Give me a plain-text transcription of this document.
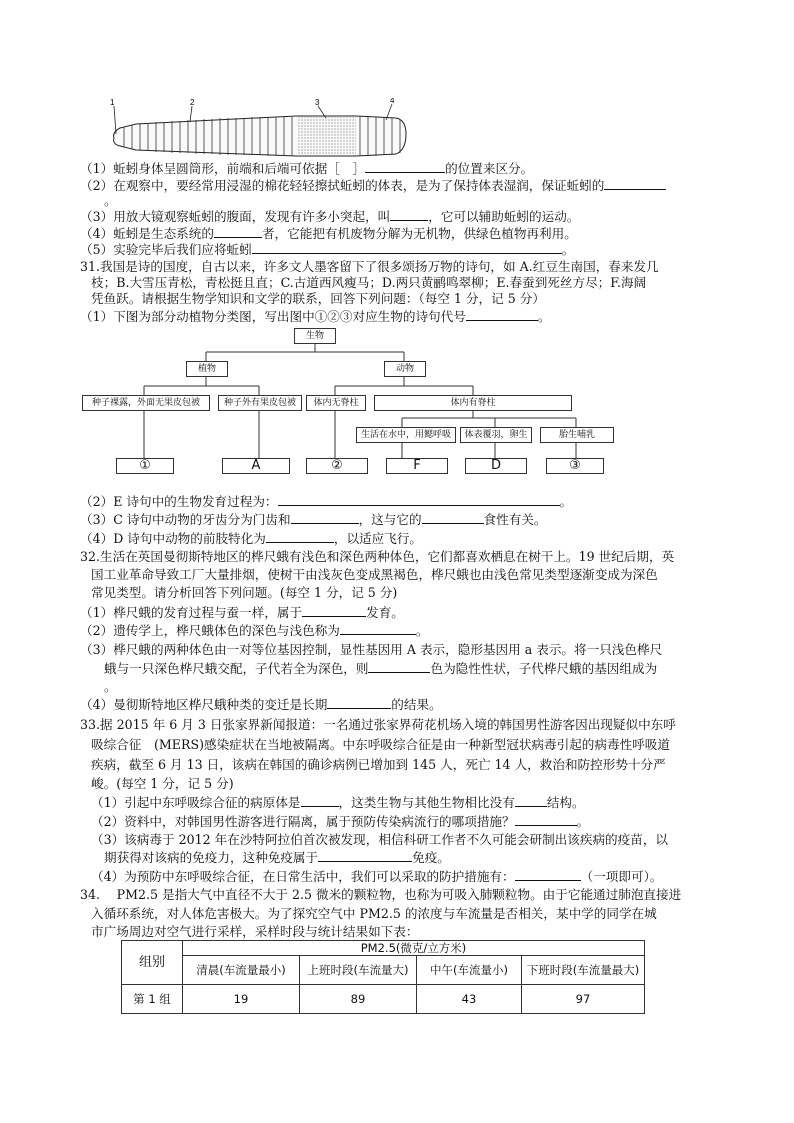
1	2	3	4
（1）蚯蚓身体呈圆筒形，前端和后端可依据［　］	的位置来区分。
（2）在观察中，要经常用浸湿的棉花轻轻擦拭蚯蚓的体表，是为了保持体表湿润，保证蚯蚓的
。
（3）用放大镜观察蚯蚓的腹面，发现有许多小突起，叫	，它可以辅助蚯蚓的运动。
（4）蚯蚓是生态系统的	者，它能把有机废物分解为无机物，供绿色植物再利用。
（5）实验完毕后我们应将蚯蚓	。
31.我国是诗的国度，自古以来，许多文人墨客留下了很多颂扬万物的诗句，如 A.红豆生南国，春来发几
枝；B.大雪压青松，青松挺且直；C.古道西风瘦马；D.两只黄鹂鸣翠柳；E.春蚕到死丝方尽；F.海阔
凭鱼跃。请根据生物学知识和文学的联系，回答下列问题：（每空 1 分，记 5 分）
（1）下图为部分动植物分类图，写出图中①②③对应生物的诗句代号	。
生物
植物	动物
种子裸露，外面无果皮包被	种子外有果皮包被	体内无脊柱	体内有脊柱
生活在水中，用鳃呼吸	体表覆羽，卵生	胎生哺乳
①	A	②	F	D	③
（2）E 诗句中的生物发育过程为：	。
（3）C 诗句中动物的牙齿分为门齿和	，这与它的	食性有关。
（4）D 诗句中动物的前肢特化为	，以适应飞行。
32.生活在英国曼彻斯特地区的桦尺蛾有浅色和深色两种体色，它们都喜欢栖息在树干上。19 世纪后期，英
国工业革命导致工厂大量排烟，使树干由浅灰色变成黑褐色，桦尺蛾也由浅色常见类型逐渐变成为深色
常见类型。请分析回答下列问题。(每空 1 分，记 5 分)
（1）桦尺蛾的发育过程与蚕一样，属于	发育。
（2）遗传学上，桦尺蛾体色的深色与浅色称为	。
（3）桦尺蛾的两种体色由一对等位基因控制，显性基因用 A 表示，隐形基因用 a 表示。将一只浅色桦尺
蛾与一只深色桦尺蛾交配，子代若全为深色，则	色为隐性性状，子代桦尺蛾的基因组成为
。
（4）曼彻斯特地区桦尺蛾种类的变迁是长期	的结果。
33.据 2015 年 6 月 3 日张家界新闻报道：一名通过张家界荷花机场入境的韩国男性游客因出现疑似中东呼
吸综合征　(MERS)感染症状在当地被隔离。中东呼吸综合征是由一种新型冠状病毒引起的病毒性呼吸道
疾病，截至 6 月 13 日，该病在韩国的确诊病例已增加到 145 人，死亡 14 人，救治和防控形势十分严
峻。(每空 1 分，记 5 分)
（1）引起中东呼吸综合征的病原体是	，这类生物与其他生物相比没有	结构。
（2）资料中，对韩国男性游客进行隔离，属于预防传染病流行的哪项措施？	。
（3）该病毒于 2012 年在沙特阿拉伯首次被发现，相信科研工作者不久可能会研制出该疾病的疫苗，以
期获得对该病的免疫力，这种免疫属于	免疫。
（4）为预防中东呼吸综合征，在日常生活中，我们可以采取的防护措施有：	（一项即可）。
34.　 PM2.5 是指大气中直径不大于 2.5 微米的颗粒物，也称为可吸入肺颗粒物。由于它能通过肺泡直接进
入循环系统，对人体危害极大。为了探究空气中 PM2.5 的浓度与车流量是否相关，某中学的同学在城
市广场周边对空气进行采样，采样时段与统计结果如下表：
组别	PM2.5(微克/立方米)			
	清晨(车流量最小)	上班时段(车流量大)	中午(车流量小)	下班时段(车流量最大)
第 1 组	19	89	43	97
